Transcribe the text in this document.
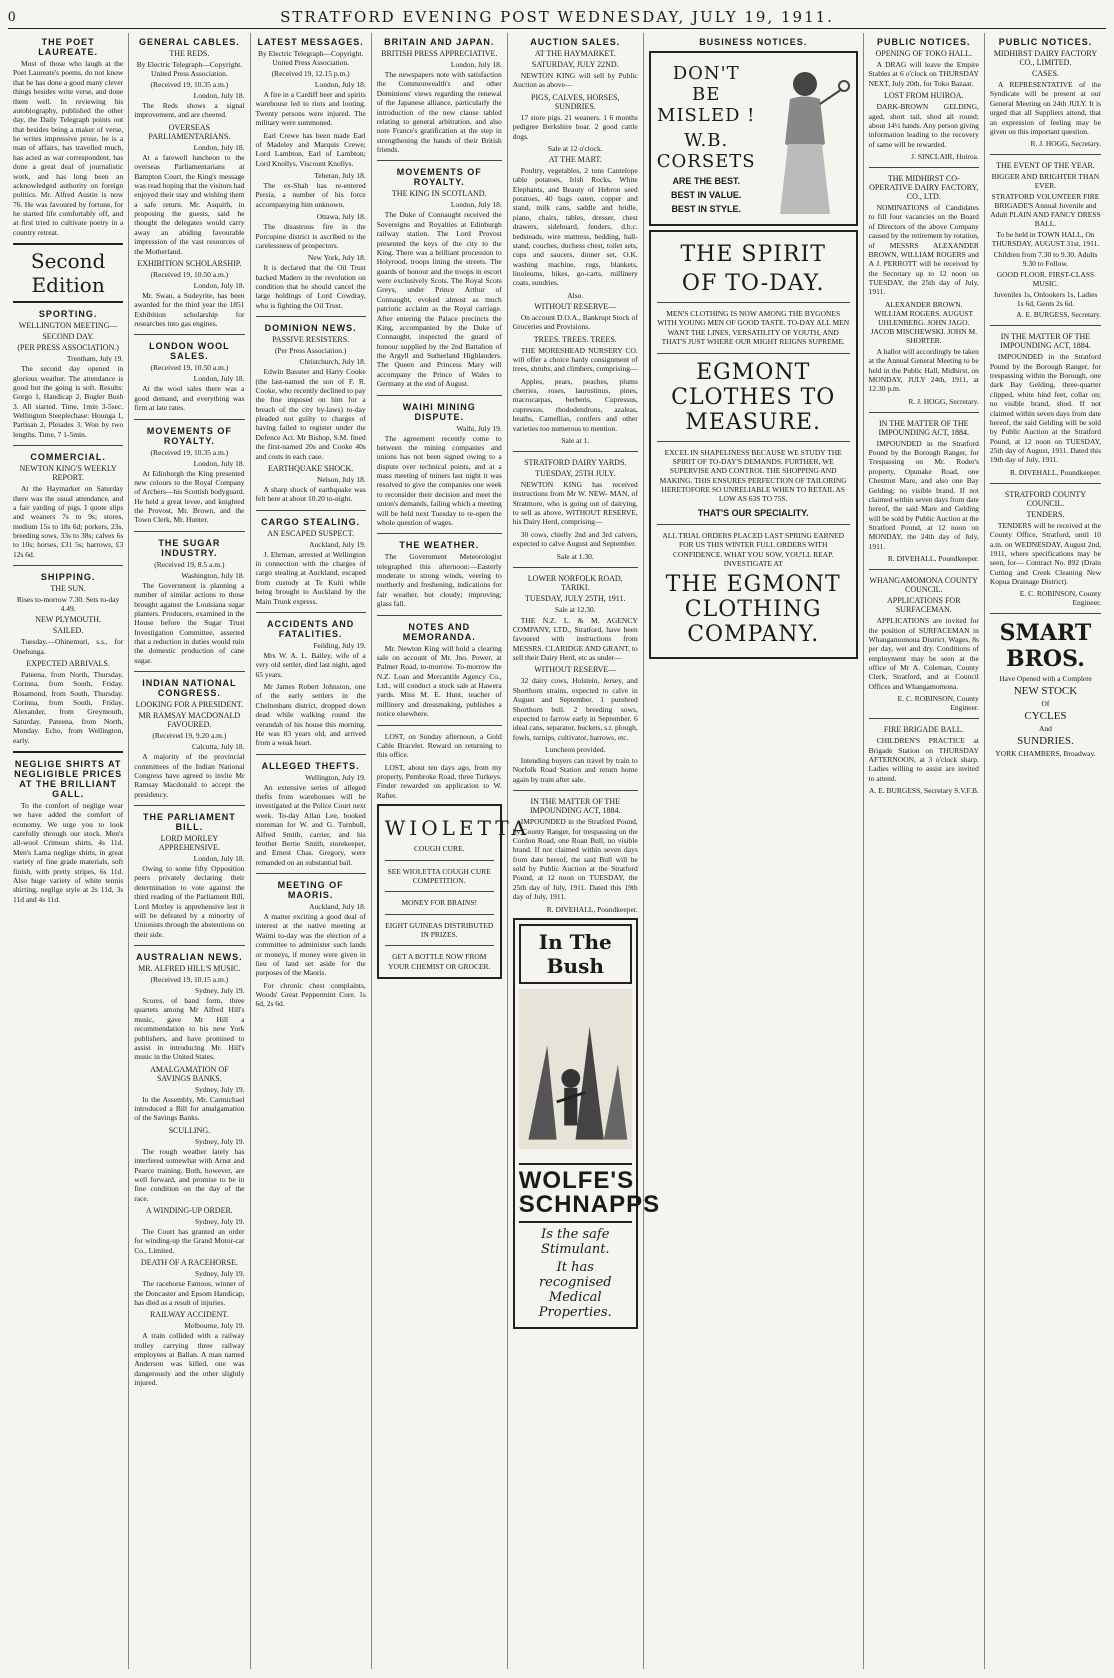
0	STRATFORD EVENING POST WEDNESDAY, JULY 19, 1911.
THE POET LAUREATE.

Most of those who laugh at the Poet Laureate's poems, do not know that he has done a good many clever things besides write verse, and done them well. In reviewing his autobiography, published the other day, the Daily Telegraph points out that besides being a maker of verse, he writes impressive prose, he is a man of affairs, has travelled much, has acted as war correspondent, has done a great deal of journalistic work, and has long been an acknowledged authority on foreign politics. Mr. Alfred Austin is now 76. He was favoured by fortune, for he started life comfortably off, and at first tried to cultivate poetry in a country retreat.

Second Edition
SPORTING.
WELLINGTON MEETING—
SECOND DAY.
(PER PRESS ASSOCIATION.)
Trentham, July 19.

The second day opened in glorious weather. The attendance is good but the going is soft. Results: Gorgo 1, Handicap 2, Bugler Bush 3. All started. Time, 1min 3-5sec. Wellington Steeplechase: Hounga 1, Partisan 2, Pleiades 3. Won by two lengths. Time, 7 1-5min.

COMMERCIAL.
NEWTON KING'S WEEKLY REPORT.

At the Haymarket on Saturday there was the usual attendance, and a fair yarding of pigs. I quote slips and weaners 7s to 9s; stores, medium 15s to 18s 6d; porkers, 23s, breeding sows, 33s to 38s; calves 6s to 10s; horses, £31 5s; harrows, £3 12s 6d.

SHIPPING.
THE SUN.
Rises to-morrow 7.30. Sets to-day 4.49.
NEW PLYMOUTH.
SAILED.

Tuesday.—Ohinemuri, s.s., for Onehunga.

EXPECTED ARRIVALS.

Pateena, from North, Thursday. Corinna, from South, Friday. Rosamond, from South, Thursday. Corinna, from South, Friday. Alexander, from Greymouth, Saturday. Pateena, from North, Monday. Echo, from Wellington, early.

NEGLIGE SHIRTS AT NEGLIGIBLE PRICES AT THE BRILLIANT GALL.

To the comfort of neglige wear we have added the comfort of economy. We urge you to look carefully through our stock. Men's all-wool Crimean shirts, 4s 11d. Men's Lama neglige shirts, in great variety of fine grade materials, soft finish, with pretty stripes, 6s 11d. Also huge variety of white tennis shirting, neglige style at 2s 11d, 3s 11d and 4s 11d.

GENERAL CABLES.
THE REDS.
By Electric Telegraph—Copyright. United Press Association.
(Received 19, 10.35 a.m.)
London, July 18.

The Reds shows a signal improvement, and are cheered.

OVERSEAS PARLIAMENTARIANS.
London, July 18.

At a farewell luncheon to the overseas Parliamentarians at Bampton Court, the King's message was read hoping that the visitors had enjoyed their stay and wishing them a safe return. Mr. Asquith, in proposing the guests, said he thought the delegates would carry away an abiding favourable impression of the vast resources of the Motherland.

EXHIBITION SCHOLARSHIP.
(Received 19, 10.50 a.m.)
London, July 18.

Mr. Swan, a Sudeyrite, has been awarded for the third year the 1851 Exhibition scholarship for researches into gas engines.

LONDON WOOL SALES.
(Received 19, 10.50 a.m.)
London, July 18.

At the wool sales there was a good demand, and everything was firm at late rates.

MOVEMENTS OF ROYALTY.
(Received 19, 10.35 a.m.)
London, July 18.

At Edinburgh the King presented new colours to the Royal Company of Archers—his Scottish bodyguard. He held a great levee, and knighted the Provost, Mr. Brown, and the Town Clerk, Mr. Hunter.

THE SUGAR INDUSTRY.
(Received 19, 8.5 a.m.)
Washington, July 18.

The Government is planning a number of similar actions to those brought against the Louisiana sugar planters. Producers, examined in the House before the Sugar Trust Investigation Committee, asserted that a reduction in duties would ruin the domestic production of cane sugar.

INDIAN NATIONAL CONGRESS.
LOOKING FOR A PRESIDENT.
MR RAMSAY MACDONALD FAVOURED.
(Received 19, 9.20 a.m.)
Calcutta, July 18.

A majority of the provincial committees of the Indian National Congress have agreed to invite Mr Ramsay Macdonald to accept the presidency.

THE PARLIAMENT BILL.
LORD MORLEY APPREHENSIVE.
London, July 18.

Owing to some fifty Opposition peers privately declaring their determination to vote against the third reading of the Parliament Bill, Lord Morley is apprehensive lest it will be defeated by a minority of Unionists through the abstentions on their side.

AUSTRALIAN NEWS.
MR. ALFRED HILL'S MUSIC.
(Received 19, 10.15 a.m.)
Sydney, July 19.

Scores, of band form, three quartets among Mr Alfred Hill's music, gave Mr Hill a recommendation to his new York publishers, and have promised to assist in introducing Mr. Hill's music in the United States.

AMALGAMATION OF SAVINGS BANKS.
Sydney, July 19.

In the Assembly, Mr. Carmichael introduced a Bill for amalgamation of the Savings Banks.

SCULLING.
Sydney, July 19.

The rough weather lately has interfered somewhat with Arnst and Pearce training. Both, however, are well forward, and promise to be in fine condition on the day of the race.

A WINDING-UP ORDER.
Sydney, July 19.

The Court has granted an order for winding-up the Grand Motor-car Co., Limited.

DEATH OF A RACEHORSE.
Sydney, July 19.

The racehorse Famous, winner of the Doncaster and Epsom Handicap, has died as a result of injuries.

RAILWAY ACCIDENT.
Melbourne, July 19.

A train collided with a railway trolley carrying three railway employees at Ballan. A man named Anderson was killed, one was dangerously and the other slightly injured.

LATEST MESSAGES.
By Electric Telegraph—Copyright. United Press Association.
(Received 19, 12.15 p.m.)
London, July 18.

A fire in a Cardiff beer and spirits warehouse led to riots and looting. Twenty persons were injured. The military were summoned.

Earl Crewe has been made Earl of Madeley and Marquis Crewe; Lord Lambton, Earl of Lambton; Lord Knollys, Viscount Knollys.

Teheran, July 18.

The ex-Shah has re-entered Persia, a number of his force accompanying him unknown.

Ottawa, July 18.

The disastrous fire in the Porcupine district is ascribed to the carelessness of prospectors.

New York, July 18.

It is declared that the Oil Trust backed Madero in the revolution on condition that he should cancel the large holdings of Lord Cowdray, who is fighting the Oil Trust.

DOMINION NEWS.
PASSIVE RESISTERS.
(Per Press Association.)
Christchurch, July 18.

Edwin Bassner and Harry Cooke (the last-named the son of F. R. Cooke, who recently declined to pay the fine imposed on him for a breach of the city by-laws) to-day pleaded not guilty to charges of having failed to register under the Defence Act. Mr Bishop, S.M. fined the first-named 20s and Cooke 40s and costs in each case.

EARTHQUAKE SHOCK.
Nelson, July 18.

A sharp shock of earthquake was felt here at about 10.20 to-night.

CARGO STEALING.
AN ESCAPED SUSPECT.
Auckland, July 19.

J. Ehrman, arrested at Wellington in connection with the charges of cargo stealing at Auckland, escaped from custody at Te Kuiti while being brought to Auckland by the Main Trunk express.

ACCIDENTS AND FATALITIES.
Feilding, July 19.

Mrs W. A. L. Bailey, wife of a very old settler, died last night, aged 65 years.

Mr James Robert Johnston, one of the early settlers in the Cheltenham district, dropped down dead while walking round the verandah of his house this morning. He was 83 years old, and arrived from a weak heart.

ALLEGED THEFTS.
Wellington, July 19.

An extensive series of alleged thefts from warehouses will be investigated at the Police Court next week. To-day Allan Lee, booked storeman for W. and G. Turnbull, Alfred Smith, carrier, and his brother Bertie Smith, storekeeper, and Ernest Chas. Gregory, were remanded on an substantial bail.

MEETING OF MAORIS.
Auckland, July 18.

A matter exciting a good deal of interest at the native meeting at Waimi to-day was the election of a committee to administer such lands or moneys, if money were given in lieu of land set aside for the purposes of the Maoris.

For chronic chest complaints, Woods' Great Peppermint Cure. 1s 6d, 2s 6d.

BRITAIN AND JAPAN.
BRITISH PRESS APPRECIATIVE.
London, July 18.

The newspapers note with satisfaction the Commonwealth's and other Dominions' views regarding the renewal of the Japanese alliance, particularly the introduction of the new clause tabled relating to general arbitration, and also note France's gratification at the step in strengthening the hands of their British friends.

MOVEMENTS OF ROYALTY.
THE KING IN SCOTLAND.
London, July 18.

The Duke of Connaught received the Sovereigns and Royalties at Edinburgh railway station. The Lord Provost presented the keys of the city to the King. There was a brilliant procession to Holyrood, troops lining the streets. The guards of honour and the troops in escort were exclusively Scots. The Royal Scots Greys, under Prince Arthur of Connaught, evoked almost as much patriotic acclaim as the Royal carriage. After entering the Palace precincts the King, accompanied by the Duke of Connaught, inspected the guard of honour supplied by the 2nd Battalion of the Argyll and Sutherland Highlanders. The Queen and Princess Mary will accompany the Prince of Wales to Germany at the end of August.

WAIHI MINING DISPUTE.
Waihi, July 19.

The agreement recently come to between the mining companies and unions has not been signed owing to a dispute over technical points, and at a mass meeting of miners last night it was resolved to give the companies one week to reconsider their decision and meet the union's demands, failing which a meeting will be held next Tuesday to re-open the whole question of wages.

THE WEATHER.

The Government Meteorologist telegraphed this afternoon:—Easterly moderate to strong winds, veering to northerly and freshening, indications for fair weather, but cloudy; improving; glass fall.

NOTES AND MEMORANDA.

Mr. Newton King will hold a clearing sale on account of Mr. Jno. Power, at Palmer Road, to-morrow. To-morrow the N.Z. Loan and Mercantile Agency Co., Ltd., will conduct a stock sale at Hawera yards. Miss M. E. Hunt, teacher of millinery and dressmaking, publishes a notice elsewhere.

LOST, on Sunday afternoon, a Gold Cable Bracelet. Reward on returning to this office.

LOST, about ten days ago, from my property, Pembroke Road, three Turkeys. Finder rewarded on application to W. Rafter.

WIOLETTA
COUGH CURE.
SEE WIOLETTA COUGH CURE COMPETITION.
MONEY FOR BRAINS!
EIGHT GUINEAS DISTRIBUTED IN PRIZES.
GET A BOTTLE NOW FROM YOUR CHEMIST OR GROCER.
AUCTION SALES.
AT THE HAYMARKET.
SATURDAY, JULY 22ND.

NEWTON KING will sell by Public Auction as above—

PIGS, CALVES, HORSES, SUNDRIES.

17 store pigs. 21 weaners. 1 6 months pedigree Berkshire boar. 2 good cattle dogs.

Sale at 12 o'clock.
AT THE MART.

Poultry, vegetables, 2 tons Cantelope table potatoes, Irish Rocks, White Elephants, and Beauty of Hebron seed potatoes, 40 bags oaten, copper and stand, milk cans, saddle and bridle, piano, chairs, tables, dresser, chest drawers, sideboard, fenders, d.b.c. bedsteads, wire mattress, bedding, hall-stand, couches, duchess chest, toilet sets, cups and saucers, dinner set, O.K. washing machine, rugs, blankets, linoleums, hikes, go-carts, millinery coats, sundries.

Also.
WITHOUT RESERVE—

On account D.O.A., Bankrupt Stock of Groceries and Provisions.

TREES. TREES. TREES.

THE MORESHEAD NURSERY CO. will offer a choice hardy consignment of trees, shrubs, and climbers, comprising—

Apples, pears, peaches, plums cherries, roses, laurustinus, pines, macrocarpas, berberis, Cupressus, cupressus, rhododendrons, azaleas, heaths, Camellias, conifers and other varieties too numerous to mention.

Sale at 1.
STRATFORD DAIRY YARDS.
TUESDAY, 25TH JULY.

NEWTON KING has received instructions from Mr W. NEW- MAN, of Stratmore, who is going out of dairying, to sell as above, WITHOUT RESERVE, his Dairy Herd, comprising—

30 cows, chiefly 2nd and 3rd calvers, expected to calve August and September.

Sale at 1.30.
LOWER NORFOLK ROAD, TARIKI.
TUESDAY, JULY 25TH, 1911.
Sale at 12.30.

THE N.Z. L. & M. AGENCY COMPANY, LTD., Stratford, have been favoured with instructions from MESSRS. CLARIDGE AND GRANT, to sell their Dairy Herd, etc as under—

WITHOUT RESERVE—

32 dairy cows, Holstein, Jersey, and Shorthorn strains, expected to calve in August and September. 1 purebred Shorthorn bull. 2 breeding sows, expected to farrow early in September. 6 ideal cans, separator, buckets, s.t. plough, fowls, turnips, cultivator, harrows, etc.

Luncheon provided.

Intending buyers can travel by train to Norfolk Road Station and return home again by train after sale.

IN THE MATTER OF THE IMPOUNDING ACT, 1884.

IMPOUNDED in the Stratford Pound, by County Ranger, for trespassing on the Cordon Road, one Roan Bull, no visible brand. If not claimed within seven days from date hereof, the said Bull will be sold by Public Auction at the Stratford Pound, at 12 noon on TUESDAY, the 25th day of July, 1911. Dated this 19th day of July, 1911.

R. DIVEHALL, Poundkeeper.
In The Bush
WOLFE'S SCHNAPPS
Is the safe Stimulant.
It has recognised Medical Properties.
BUSINESS NOTICES.
DON'T BE MISLED !
W.B. CORSETS
ARE THE BEST.
BEST IN VALUE.
BEST IN STYLE.
THE SPIRIT
OF TO-DAY.
MEN'S CLOTHING IS NOW AMONG THE BYGONES WITH YOUNG MEN OF GOOD TASTE. TO-DAY ALL MEN WANT THE LINES, VERSATILITY OF YOUTH, AND THAT'S JUST WHERE OUR MIGHT REIGNS SUPREME.
EGMONT CLOTHES TO MEASURE.
EXCEL IN SHAPELINESS BECAUSE WE STUDY THE SPIRIT OF TO-DAY'S DEMANDS. FURTHER, WE SUPERVISE AND CONTROL THE SHOPPING AND MAKING. THIS ENSURES PERFECTION OF TAILORING HERETOFORE SO UNRELIABLE WHEN TO RETAIL AS LOW AS 63S TO 75S.
THAT'S OUR SPECIALITY.
ALL TRIAL ORDERS PLACED LAST SPRING EARNED FOR US THIS WINTER FULL ORDERS WITH CONFIDENCE. WHAT YOU SOW, YOU'LL REAP. INVESTIGATE AT
THE EGMONT CLOTHING COMPANY.
PUBLIC NOTICES.
OPENING OF TOKO HALL.

A DRAG will leave the Empire Stables at 6 o'clock on THURSDAY NEXT, July 20th, for Toko Bazaar.

LOST FROM HUIROA.

DARK-BROWN GELDING, aged, short tail, shod all round; about 14½ hands. Any person giving information leading to the recovery of same will be rewarded.

J. SINCLAIR, Huiroa.
THE MIDHIRST CO-OPERATIVE DAIRY FACTORY, CO., LTD.

NOMINATIONS of Candidates to fill four vacancies on the Board of Directors of the above Company caused by the retirement by rotation, of MESSRS ALEXANDER BROWN, WILLIAM ROGERS and A J. PERROTT will be received by the Secretary up to 12 noon on TUESDAY, the 25th day of July, 1911.

ALEXANDER BROWN. WILLIAM ROGERS. AUGUST UHLENBERG. JOHN JAGO. JACOB MISCHEWSKI. JOHN M. SHORTER.

A ballot will accordingly be taken at the Annual General Meeting to be held in the Public Hall, Midhirst, on MONDAY, JULY 24th, 1911, at 12.30 p.m.

R. J. HOGG, Secretary.
IN THE MATTER OF THE IMPOUNDING ACT, 1884.

IMPOUNDED in the Stratford Pound by the Borough Ranger, for Trespassing on Mr. Roder's property, Opunake Road, one Chestnut Mare, and also one Bay Gelding; no visible brand. If not claimed within seven days from date hereof, the said Mare and Gelding will be sold by Public Auction at the Stratford Pound, at 12 noon on MONDAY, the 24th day of July, 1911.

R. DIVEHALL, Poundkeeper.
WHANGAMOMONA COUNTY COUNCIL.
APPLICATIONS FOR SURFACEMAN.

APPLICATIONS are invited for the position of SURFACEMAN in Whangamomona District. Wages, 8s per day, wet and dry. Conditions of employment may be seen at the office of Mr A. Coleman, County Clerk, Stratford, and at Council Offices and Whangamomona.

E. C. ROBINSON, County Engineer.
FIRE BRIGADE BALL.

CHILDREN'S PRACTICE at Brigade Station on THURSDAY AFTERNOON, at 3 o'clock sharp. Ladies willing to assist are invited to attend.

A. E. BURGESS, Secretary S.V.F.B.
PUBLIC NOTICES.
MIDHIRST DAIRY FACTORY CO., LIMITED.
CASES.

A REPRESENTATIVE of the Syndicate will be present at our General Meeting on 24th JULY. It is urged that all Suppliers attend, that an expression of feeling may be given on this important question.

R. J. HOGG, Secretary.
THE EVENT OF THE YEAR.
BIGGER AND BRIGHTER THAN EVER.
STRATFORD VOLUNTEER FIRE BRIGADE'S Annual Juvenile and Adult PLAIN AND FANCY DRESS BALL.
To be held in TOWN HALL, On THURSDAY, AUGUST 31st, 1911.
Children from 7.30 to 9.30. Adults 9.30 to Follow.
GOOD FLOOR. FIRST-CLASS MUSIC.
Juveniles 1s, Onlookers 1s, Ladies 1s 6d, Gents 2s 6d.
A. E. BURGESS, Secretary.
IN THE MATTER OF THE IMPOUNDING ACT, 1884.

IMPOUNDED in the Stratford Pound by the Borough Ranger, for trespassing within the Borough, one dark Bay Gelding, three-quarter clipped, white hind feet, collar on; no visible brand, shod. If not claimed within seven days from date hereof, the said Gelding will be sold by Public Auction at the Stratford Pound, at 12 noon on TUESDAY, 25th day of August, 1911. Dated this 19th day of July, 1911.

R. DIVEHALL, Poundkeeper.
STRATFORD COUNTY COUNCIL.
TENDERS.

TENDERS will be received at the County Office, Stratford, until 10 a.m. on WEDNESDAY, August 2nd, 1911, where specifications may be seen, for— Contract No. 892 (Drain Cutting and Creek Cleaning New Kopua Drainage District).

E. C. ROBINSON, County Engineer.
SMART BROS.
Have Opened with a Complete
NEW STOCK
Of
CYCLES
And
SUNDRIES.
YORK CHAMBERS, Broadway.
